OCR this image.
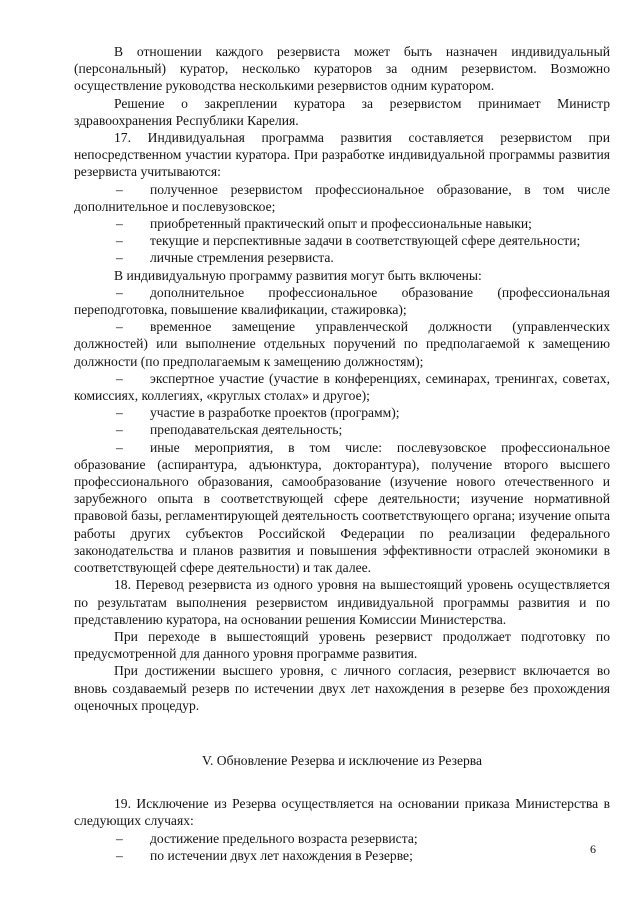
В отношении каждого резервиста может быть назначен индивидуальный (персональный) куратор, несколько кураторов за одним резервистом. Возможно осуществление руководства несколькими резервистов одним куратором.

Решение о закреплении куратора за резервистом принимает Министр здравоохранения Республики Карелия.

17. Индивидуальная программа развития составляется резервистом при непосредственном участии куратора. При разработке индивидуальной программы развития резервиста учитываются:

– полученное резервистом профессиональное образование, в том числе дополнительное и послевузовское;

– приобретенный практический опыт и профессиональные навыки;

– текущие и перспективные задачи в соответствующей сфере деятельности;

– личные стремления резервиста.

В индивидуальную программу развития могут быть включены:

– дополнительное профессиональное образование (профессиональная переподготовка, повышение квалификации, стажировка);

– временное замещение управленческой должности (управленческих должностей) или выполнение отдельных поручений по предполагаемой к замещению должности (по предполагаемым к замещению должностям);

– экспертное участие (участие в конференциях, семинарах, тренингах, советах, комиссиях, коллегиях, «круглых столах» и другое);

– участие в разработке проектов (программ);

– преподавательская деятельность;

– иные мероприятия, в том числе: послевузовское профессиональное образование (аспирантура, адъюнктура, докторантура), получение второго высшего профессионального образования, самообразование (изучение нового отечественного и зарубежного опыта в соответствующей сфере деятельности; изучение нормативной правовой базы, регламентирующей деятельность соответствующего органа; изучение опыта работы других субъектов Российской Федерации по реализации федерального законодательства и планов развития и повышения эффективности отраслей экономики в соответствующей сфере деятельности) и так далее.

18. Перевод резервиста из одного уровня на вышестоящий уровень осуществляется по результатам выполнения резервистом индивидуальной программы развития и по представлению куратора, на основании решения Комиссии Министерства.

При переходе в вышестоящий уровень резервист продолжает подготовку по предусмотренной для данного уровня программе развития.

При достижении высшего уровня, с личного согласия, резервист включается во вновь создаваемый резерв по истечении двух лет нахождения в резерве без прохождения оценочных процедур.

V. Обновление Резерва и исключение из Резерва

19. Исключение из Резерва осуществляется на основании приказа Министерства в следующих случаях:

– достижение предельного возраста резервиста;

– по истечении двух лет нахождения в Резерве;	6
